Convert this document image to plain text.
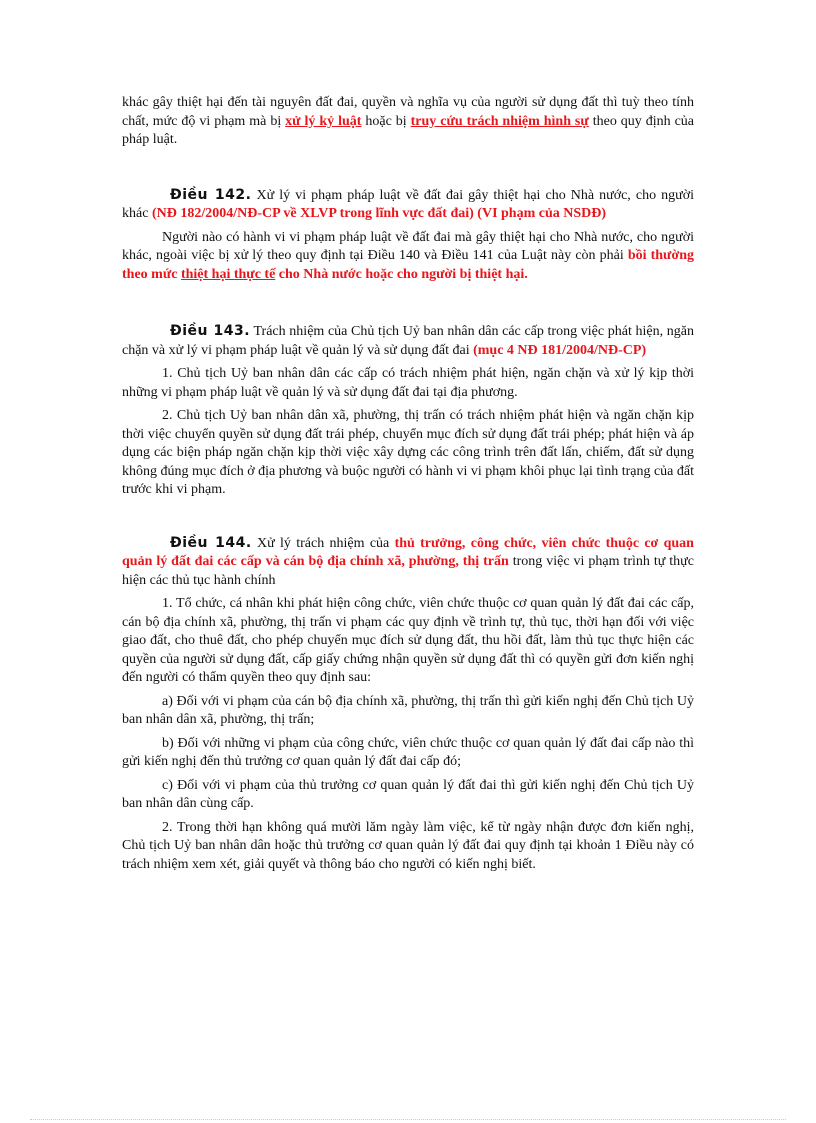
khác gây thiệt hại đến tài nguyên đất đai, quyền và nghĩa vụ của người sử dụng đất thì tuỳ theo tính chất, mức độ vi phạm mà bị xử lý kỷ luật hoặc bị truy cứu trách nhiệm hình sự theo quy định của pháp luật.

Điều 142. Xử lý vi phạm pháp luật về đất đai gây thiệt hại cho Nhà nước, cho người khác (NĐ 182/2004/NĐ-CP về XLVP trong lĩnh vực đất đai) (VI phạm của NSDĐ)

Người nào có hành vi vi phạm pháp luật về đất đai mà gây thiệt hại cho Nhà nước, cho người khác, ngoài việc bị xử lý theo quy định tại Điều 140 và Điều 141 của Luật này còn phải bồi thường theo mức thiệt hại thực tế cho Nhà nước hoặc cho người bị thiệt hại.

Điều 143. Trách nhiệm của Chủ tịch Uỷ ban nhân dân các cấp trong việc phát hiện, ngăn chặn và xử lý vi phạm pháp luật về quản lý và sử dụng đất đai (mục 4 NĐ 181/2004/NĐ-CP)

1. Chủ tịch Uỷ ban nhân dân các cấp có trách nhiệm phát hiện, ngăn chặn và xử lý kịp thời những vi phạm pháp luật về quản lý và sử dụng đất đai tại địa phương.

2. Chủ tịch Uỷ ban nhân dân xã, phường, thị trấn có trách nhiệm phát hiện và ngăn chặn kịp thời việc chuyển quyền sử dụng đất trái phép, chuyển mục đích sử dụng đất trái phép; phát hiện và áp dụng các biện pháp ngăn chặn kịp thời việc xây dựng các công trình trên đất lấn, chiếm, đất sử dụng không đúng mục đích ở địa phương và buộc người có hành vi vi phạm khôi phục lại tình trạng của đất trước khi vi phạm.

Điều 144. Xử lý trách nhiệm của thủ trưởng, công chức, viên chức thuộc cơ quan quản lý đất đai các cấp và cán bộ địa chính xã, phường, thị trấn trong việc vi phạm trình tự thực hiện các thủ tục hành chính

1. Tổ chức, cá nhân khi phát hiện công chức, viên chức thuộc cơ quan quản lý đất đai các cấp, cán bộ địa chính xã, phường, thị trấn vi phạm các quy định về trình tự, thủ tục, thời hạn đối với việc giao đất, cho thuê đất, cho phép chuyển mục đích sử dụng đất, thu hồi đất, làm thủ tục thực hiện các quyền của người sử dụng đất, cấp giấy chứng nhận quyền sử dụng đất thì có quyền gửi đơn kiến nghị đến người có thẩm quyền theo quy định sau:

a) Đối với vi phạm của cán bộ địa chính xã, phường, thị trấn thì gửi kiến nghị đến Chủ tịch Uỷ ban nhân dân xã, phường, thị trấn;

b) Đối với những vi phạm của công chức, viên chức thuộc cơ quan quản lý đất đai cấp nào thì gửi kiến nghị đến thủ trưởng cơ quan quản lý đất đai cấp đó;

c) Đối với vi phạm của thủ trưởng cơ quan quản lý đất đai thì gửi kiến nghị đến Chủ tịch Uỷ ban nhân dân cùng cấp.

2. Trong thời hạn không quá mười lăm ngày làm việc, kể từ ngày nhận được đơn kiến nghị, Chủ tịch Uỷ ban nhân dân hoặc thủ trưởng cơ quan quản lý đất đai quy định tại khoản 1 Điều này có trách nhiệm xem xét, giải quyết và thông báo cho người có kiến nghị biết.
